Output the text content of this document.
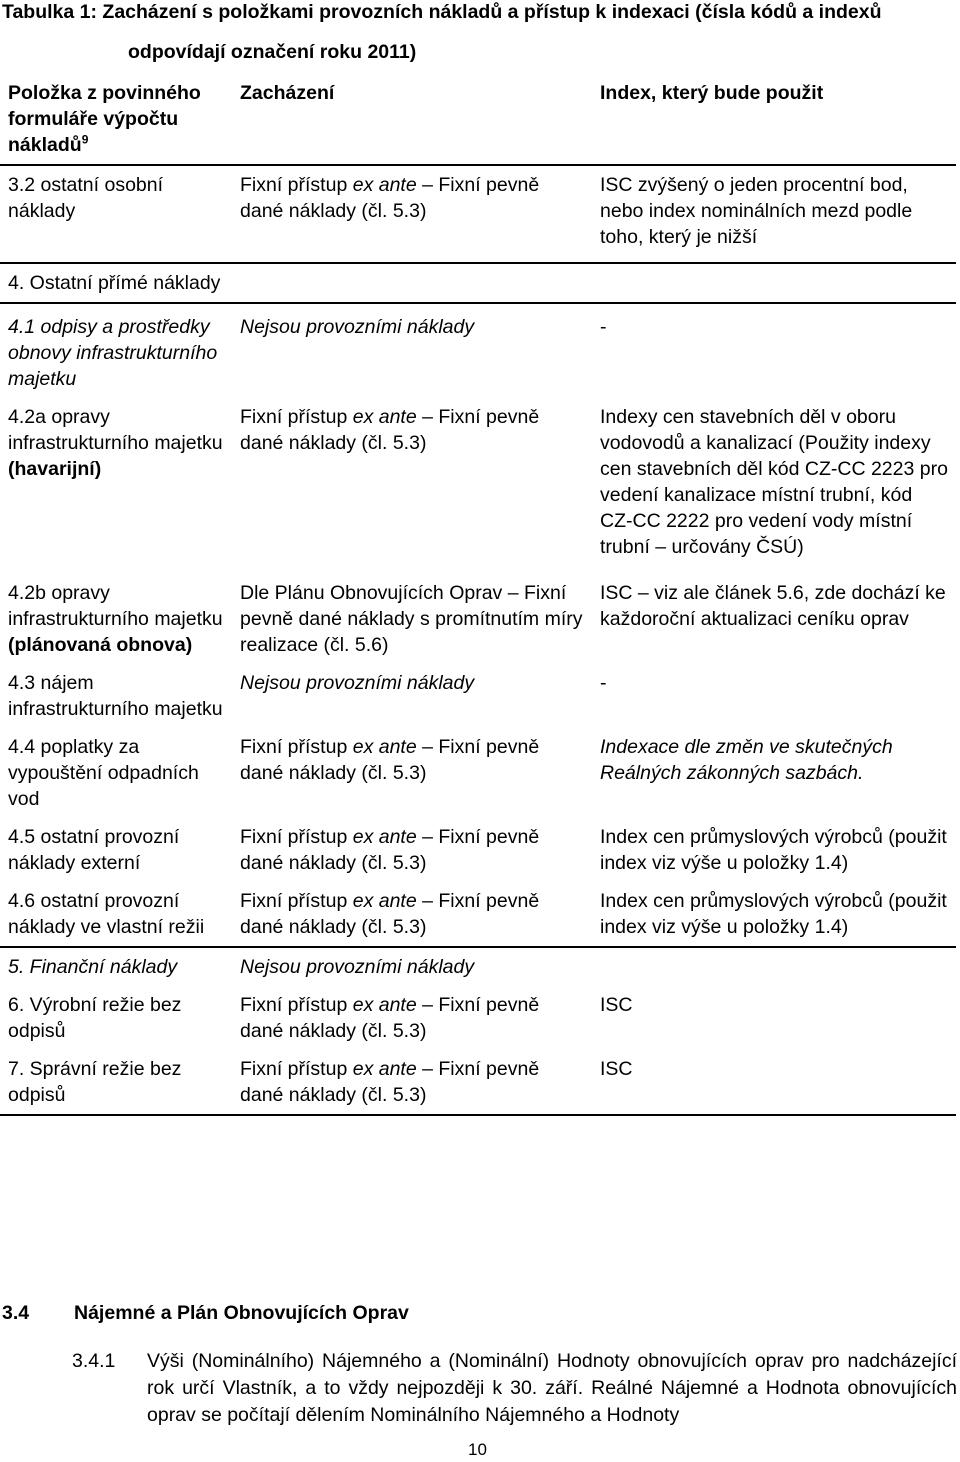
Tabulka 1: Zacházení s položkami provozních nákladů a přístup k indexaci (čísla kódů a indexů
odpovídají označení roku 2011)
Položka z povinného formuláře výpočtu nákladů$^9$	Zacházení	Index, který bude použit
3.2 ostatní osobní náklady	Fixní přístup ex ante – Fixní pevně dané náklady (čl. 5.3)	ISC zvýšený o jeden procentní bod, nebo index nominálních mezd podle toho, který je nižší
4. Ostatní přímé náklady		
4.1 odpisy a prostředky obnovy infrastrukturního majetku	Nejsou provozními náklady	-
4.2a opravy infrastrukturního majetku (havarijní)	Fixní přístup ex ante – Fixní pevně dané náklady (čl. 5.3)	Indexy cen stavebních děl v oboru vodovodů a kanalizací (Použity indexy cen stavebních děl kód CZ-CC 2223 pro vedení kanalizace místní trubní, kód CZ-CC 2222 pro vedení vody místní trubní – určovány ČSÚ)
4.2b opravy infrastrukturního majetku (plánovaná obnova)	Dle Plánu Obnovujících Oprav – Fixní pevně dané náklady s promítnutím míry realizace (čl. 5.6)	ISC – viz ale článek 5.6, zde dochází ke každoroční aktualizaci ceníku oprav
4.3 nájem infrastrukturního majetku	Nejsou provozními náklady	-
4.4 poplatky za vypouštění odpadních vod	Fixní přístup ex ante – Fixní pevně dané náklady (čl. 5.3)	Indexace dle změn ve skutečných Reálných zákonných sazbách.
4.5 ostatní provozní náklady externí	Fixní přístup ex ante – Fixní pevně dané náklady (čl. 5.3)	Index cen průmyslových výrobců (použit index viz výše u položky 1.4)
4.6 ostatní provozní náklady ve vlastní režii	Fixní přístup ex ante – Fixní pevně dané náklady (čl. 5.3)	Index cen průmyslových výrobců (použit index viz výše u položky 1.4)
5. Finanční náklady	Nejsou provozními náklady	
6. Výrobní režie bez odpisů	Fixní přístup ex ante – Fixní pevně dané náklady (čl. 5.3)	ISC
7. Správní režie bez odpisů	Fixní přístup ex ante – Fixní pevně dané náklady (čl. 5.3)	ISC
3.4 Nájemné a Plán Obnovujících Oprav
3.4.1 Výši (Nominálního) Nájemného a (Nominální) Hodnoty obnovujících oprav pro nadcházející rok určí Vlastník, a to vždy nejpozději k 30. září. Reálné Nájemné a Hodnota obnovujících oprav se počítají dělením Nominálního Nájemného a Hodnoty
10
